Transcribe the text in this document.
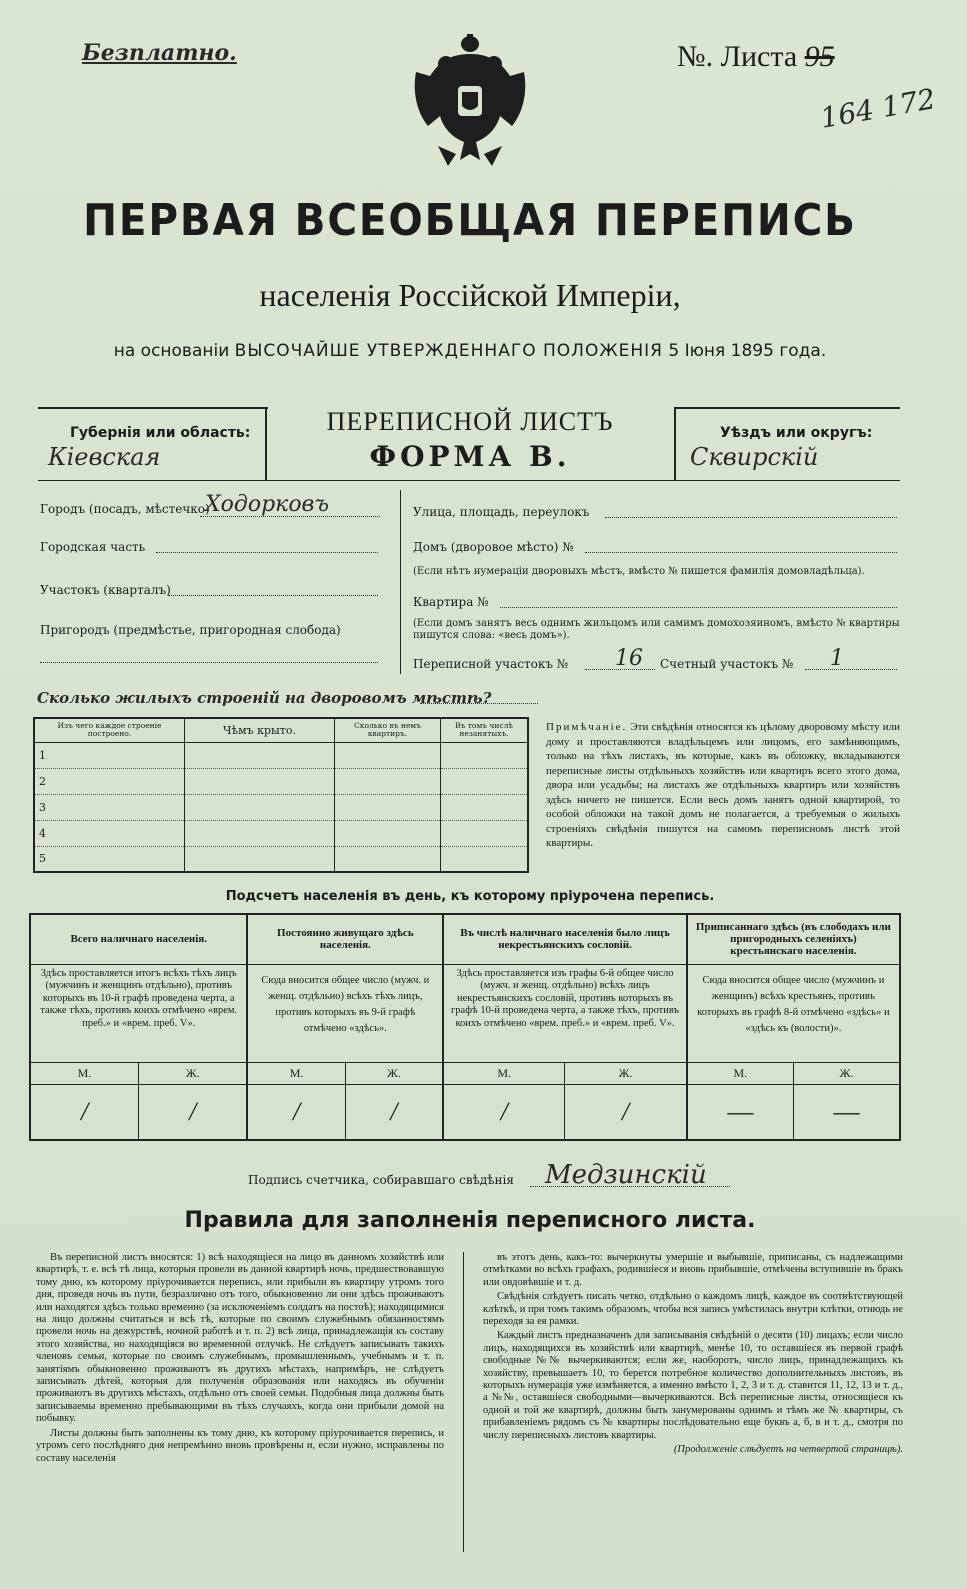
Безплатно.	№. Листа 95
164 172
ПЕРВАЯ ВСЕОБЩАЯ ПЕРЕПИСЬ
населенія Россійской Имперіи,
на основаніи ВЫСОЧАЙШЕ УТВЕРЖДЕННАГО ПОЛОЖЕНІЯ 5 Іюня 1895 года.
Губернія или область:
Кіевская
ПЕРЕПИСНОЙ ЛИСТЪ
ФОРМА В.
Уѣздъ или округъ:
Сквирскій
Городъ (посадъ, мѣстечко)
Ходорковъ
Городская часть
Участокъ (кварталъ)
Пригородъ (предмѣстье, пригородная слобода)
Улица, площадь, переулокъ
Домъ (дворовое мѣсто) №
(Если нѣтъ нумераціи дворовыхъ мѣстъ, вмѣсто № пишется фамилія домовладѣльца).
Квартира №
(Если домъ занятъ весь однимъ жильцомъ или самимъ домохозяиномъ, вмѣсто № квартиры пишутся слова: «весь домъ»).
Переписной участокъ № 16 Счетный участокъ № 1
Сколько жилыхъ строеній на дворовомъ мѣстѣ?
Изъ чего каждое строеніе построено.	Чѣмъ крыто.	Сколько въ немъ квартиръ.	Въ томъ числѣ незанятыхъ.
1			
2			
3			
4			
5			
Примѣчаніе. Эти свѣдѣнія относятся къ цѣлому дворовому мѣсту или дому и проставляются владѣльцемъ или лицомъ, его замѣняющимъ, только на тѣхъ листахъ, въ которые, какъ въ обложку, вкладываются переписные листы отдѣльныхъ хозяйствъ или квартиръ всего этого дома, двора или усадьбы; на листахъ же отдѣльныхъ квартиръ или хозяйствъ здѣсь ничего не пишется. Если весь домъ занятъ одной квартирой, то особой обложки на такой домъ не полагается, а требуемыя о жилыхъ строеніяхъ свѣдѣнія пишутся на самомъ переписномъ листѣ этой квартиры.
Подсчетъ населенія въ день, къ которому пріурочена перепись.
Всего наличнаго населенія.		Постоянно живущаго здѣсь населенія.		Въ числѣ наличнаго населенія было лицъ некрестьянскихъ сословій.		Приписаннаго здѣсь (въ слободахъ или пригородныхъ селеніяхъ) крестьянскаго населенія.	
Здѣсь проставляется итогъ всѣхъ тѣхъ лицъ (мужчинъ и женщинъ отдѣльно), противъ которыхъ въ 10-й графѣ проведена черта, а также тѣхъ, противъ коихъ отмѣчено «врем. преб.» и «врем. преб. V».		Сюда вносится общее число (мужч. и женщ. отдѣльно) всѣхъ тѣхъ лицъ, противъ которыхъ въ 9-й графѣ отмѣчено «здѣсь».		Здѣсь проставляется изъ графы 6-й общее число (мужч. и женщ. отдѣльно) всѣхъ лицъ некрестьянскихъ сословій, противъ которыхъ въ графѣ 10-й проведена черта, а также тѣхъ, противъ коихъ отмѣчено «врем. преб.» и «врем. преб. V».		Сюда вносится общее число (мужчинъ и женщинъ) всѣхъ крестьянъ, противъ которыхъ въ графѣ 8-й отмѣчено «здѣсь» и «здѣсь къ (волости)».	
М.	Ж.	М.	Ж.	М.	Ж.	М.	Ж.
/	/	/	/	/	/	—	—
Подпись счетчика, собиравшаго свѣдѣнія Медзинскій
Правила для заполненія переписного листа.

Въ переписной листъ вносятся: 1) всѣ находящіеся на лицо въ данномъ хозяйствѣ или квартирѣ, т. е. всѣ тѣ лица, которыя провели въ данной квартирѣ ночь, предшествовавшую тому дню, къ которому пріурочивается перепись, или прибыли въ квартиру утромъ того дня, проведя ночь въ пути, безразлично отъ того, обыкновенно ли они здѣсь проживаютъ или находятся здѣсь только временно (за исключеніемъ солдатъ на постоѣ); находящимися на лицо должны считаться и всѣ тѣ, которые по своимъ служебнымъ обязанностямъ провели ночь на дежурствѣ, ночной работѣ и т. п. 2) всѣ лица, принадлежащія къ составу этого хозяйства, но находящіяся во временной отлучкѣ. Не слѣдуетъ записывать такихъ членовъ семьи, которые по своимъ служебнымъ, промышленнымъ, учебнымъ и т. п. занятіямъ обыкновенно проживаютъ въ другихъ мѣстахъ, напримѣръ, не слѣдуетъ записывать дѣтей, которыя для полученія образованія или находясь въ обученіи проживаютъ въ другихъ мѣстахъ, отдѣльно отъ своей семьи. Подобныя лица должны быть записываемы временно пребывающими въ тѣхъ случаяхъ, когда они прибыли домой на побывку.

Листы должны быть заполнены къ тому дню, къ которому пріурочивается перепись, и утромъ сего послѣдняго дня непремѣнно вновь провѣрены и, если нужно, исправлены по составу населенія

въ этотъ день, какъ-то: вычеркнуты умершіе и выбывшіе, приписаны, съ надлежащими отмѣтками во всѣхъ графахъ, родившіеся и вновь прибывшіе, отмѣчены вступившіе въ бракъ или овдовѣвшіе и т. д.

Свѣдѣнія слѣдуетъ писать четко, отдѣльно о каждомъ лицѣ, каждое въ соотвѣтствующей клѣткѣ, и при томъ такимъ образомъ, чтобы вся запись умѣстилась внутри клѣтки, отнюдь не переходя за ея рамки.

Каждый листъ предназначенъ для записыванія свѣдѣній о десяти (10) лицахъ; если число лицъ, находящихся въ хозяйствѣ или квартирѣ, менѣе 10, то оставшіеся въ первой графѣ свободные №№ вычеркиваются; если же, наоборотъ, число лицъ, принадлежащихъ къ хозяйству, превышаетъ 10, то берется потребное количество дополнительныхъ листовъ, въ которыхъ нумерація уже измѣняется, а именно вмѣсто 1, 2, 3 и т. д. ставится 11, 12, 13 и т. д., а №№, оставшіеся свободными—вычеркиваются. Всѣ переписные листы, относящіеся къ одной и той же квартирѣ, должны быть занумерованы однимъ и тѣмъ же № квартиры, съ прибавленіемъ рядомъ съ № квартиры послѣдовательно еще буквъ а, б, в и т. д., смотря по числу переписныхъ листовъ квартиры.

(Продолженіе слѣдуетъ на четвертой страницѣ).
